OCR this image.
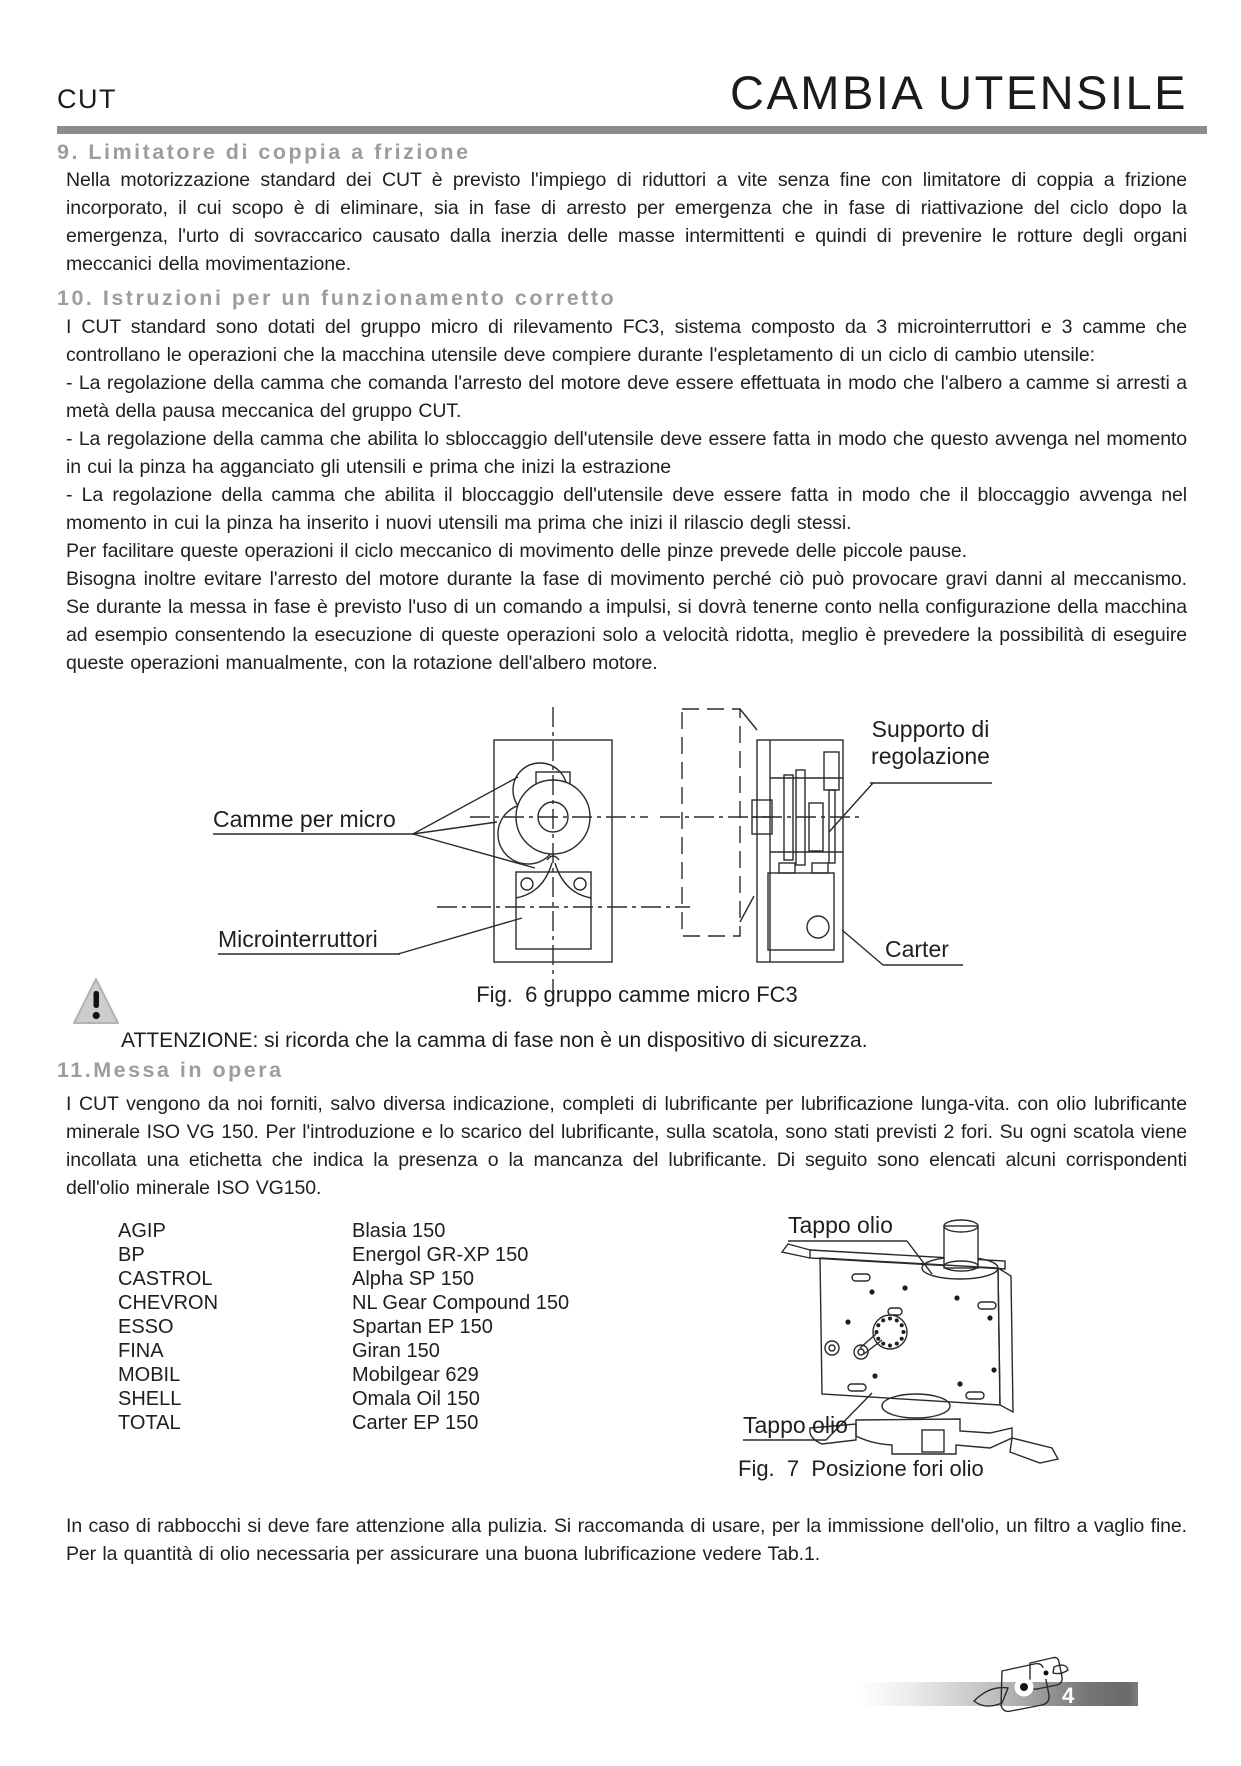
CUT	CAMBIA UTENSILE
9. Limitatore di coppia a frizione

Nella motorizzazione standard dei CUT è previsto l'impiego di riduttori a vite senza fine con limitatore di coppia a frizione incorporato, il cui scopo è di eliminare, sia in fase di arresto per emergenza che in fase di riattivazione del ciclo dopo la emergenza, l'urto di sovraccarico causato dalla inerzia delle masse intermittenti e quindi di prevenire le rotture degli organi meccanici della movimentazione.

10. Istruzioni per un funzionamento corretto

I CUT standard sono dotati del gruppo micro di rilevamento FC3, sistema composto da 3 microinterruttori e 3 camme che controllano le operazioni che la macchina utensile deve compiere durante l'espletamento di un ciclo di cambio utensile:

- La regolazione della camma che comanda l'arresto del motore deve essere effettuata in modo che l'albero a camme si arresti a metà della pausa meccanica del gruppo CUT.

- La regolazione della camma che abilita lo sbloccaggio dell'utensile deve essere fatta in modo che questo avvenga nel momento in cui la pinza ha agganciato gli utensili e prima che inizi la estrazione

- La regolazione della camma che abilita il bloccaggio dell'utensile deve essere fatta in modo che il bloccaggio avvenga nel momento in cui la pinza ha inserito i nuovi utensili ma prima che inizi il rilascio degli stessi.

Per facilitare queste operazioni il ciclo meccanico di movimento delle pinze prevede delle piccole pause.

Bisogna inoltre evitare l'arresto del motore durante la fase di movimento perché ciò può provocare gravi danni al meccanismo. Se durante la messa in fase è previsto l'uso di un comando a impulsi, si dovrà tenerne conto nella configurazione della macchina ad esempio consentendo la esecuzione di queste operazioni solo a velocità ridotta, meglio è prevedere la possibilità di eseguire queste operazioni manualmente, con la rotazione dell'albero motore.

Camme per micro
Microinterruttori
Supporto di
regolazione
Carter
Fig.  6 gruppo camme micro FC3
ATTENZIONE: si ricorda che la camma di fase non è un dispositivo di sicurezza.
11.Messa in opera

I CUT vengono da noi forniti, salvo diversa indicazione, completi di lubrificante per lubrificazione lunga-vita. con olio lubrificante minerale ISO VG 150. Per l'introduzione e lo scarico del lubrificante, sulla scatola, sono stati previsti 2 fori. Su ogni scatola viene incollata una etichetta che indica la presenza o la mancanza del lubrificante. Di seguito sono elencati alcuni corrispondenti dell'olio minerale ISO VG150.

AGIP	Blasia 150
BP	Energol GR-XP 150
CASTROL	Alpha SP 150
CHEVRON	NL Gear Compound 150
ESSO	Spartan EP 150
FINA	Giran 150
MOBIL	Mobilgear 629
SHELL	Omala Oil 150
TOTAL	Carter EP 150
Tappo olio
Tappo olio
Fig.  7  Posizione fori olio

In caso di rabbocchi si deve fare attenzione alla pulizia. Si raccomanda di usare, per la immissione dell'olio, un filtro a vaglio fine. Per la quantità di olio necessaria per assicurare una buona lubrificazione vedere Tab.1.

4
